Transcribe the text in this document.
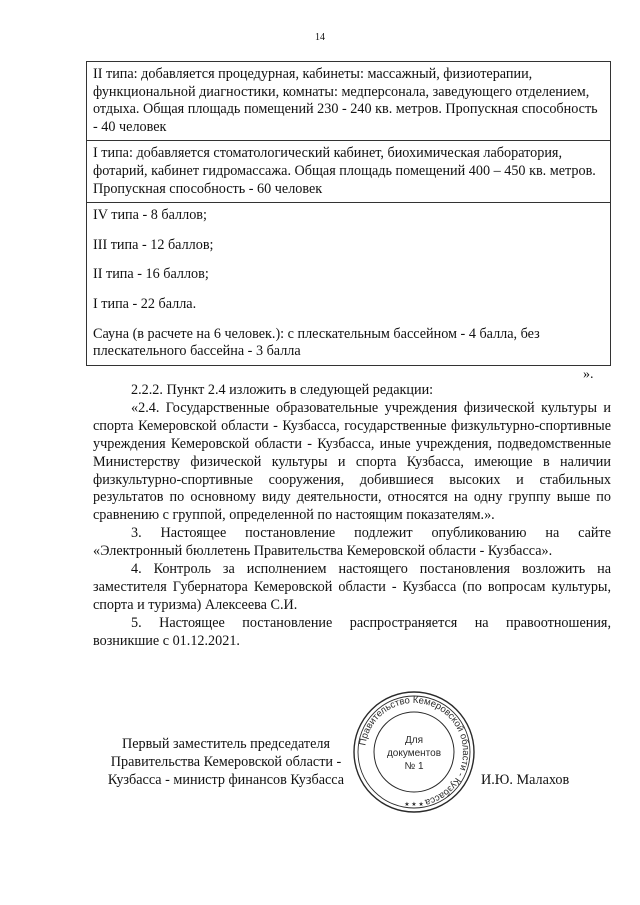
14

II типа: добавляется процедурная, кабинеты: массажный, физиотерапии, функциональной диагностики, комнаты: медперсонала, заведующего отделением, отдыха. Общая площадь помещений 230 - 240 кв. метров. Пропускная способность - 40 человек

I типа: добавляется стоматологический кабинет, биохимическая лаборатория, фотарий, кабинет гидромассажа. Общая площадь помещений 400 – 450 кв. метров. Пропускная способность - 60 человек

IV типа - 8 баллов;

III типа - 12 баллов;

II типа - 16 баллов;

I типа - 22 балла.

Сауна (в расчете на 6 человек.): с плескательным бассейном - 4 балла, без плескательного бассейна - 3 балла

».

2.2.2. Пункт 2.4 изложить в следующей редакции:

«2.4. Государственные образовательные учреждения физической культуры и спорта Кемеровской области - Кузбасса, государственные физкультурно-спортивные учреждения Кемеровской области - Кузбасса, иные учреждения, подведомственные Министерству физической культуры и спорта Кузбасса, имеющие в наличии физкультурно-спортивные сооружения, добившиеся высоких и стабильных результатов по основному виду деятельности, относятся на одну группу выше по сравнению с группой, определенной по настоящим показателям.».

3. Настоящее постановление подлежит опубликованию на сайте «Электронный бюллетень Правительства Кемеровской области - Кузбасса».

4. Контроль за исполнением настоящего постановления возложить на заместителя Губернатора Кемеровской области - Кузбасса (по вопросам культуры, спорта и туризма) Алексеева С.И.

5. Настоящее постановление распространяется на правоотношения, возникшие с 01.12.2021.

Первый заместитель председателя
Правительства Кемеровской области -
Кузбасса - министр финансов Кузбасса
Правительство Кемеровской области - Кузбасса
Для
документов
№ 1
★ ★ ★
И.Ю. Малахов
